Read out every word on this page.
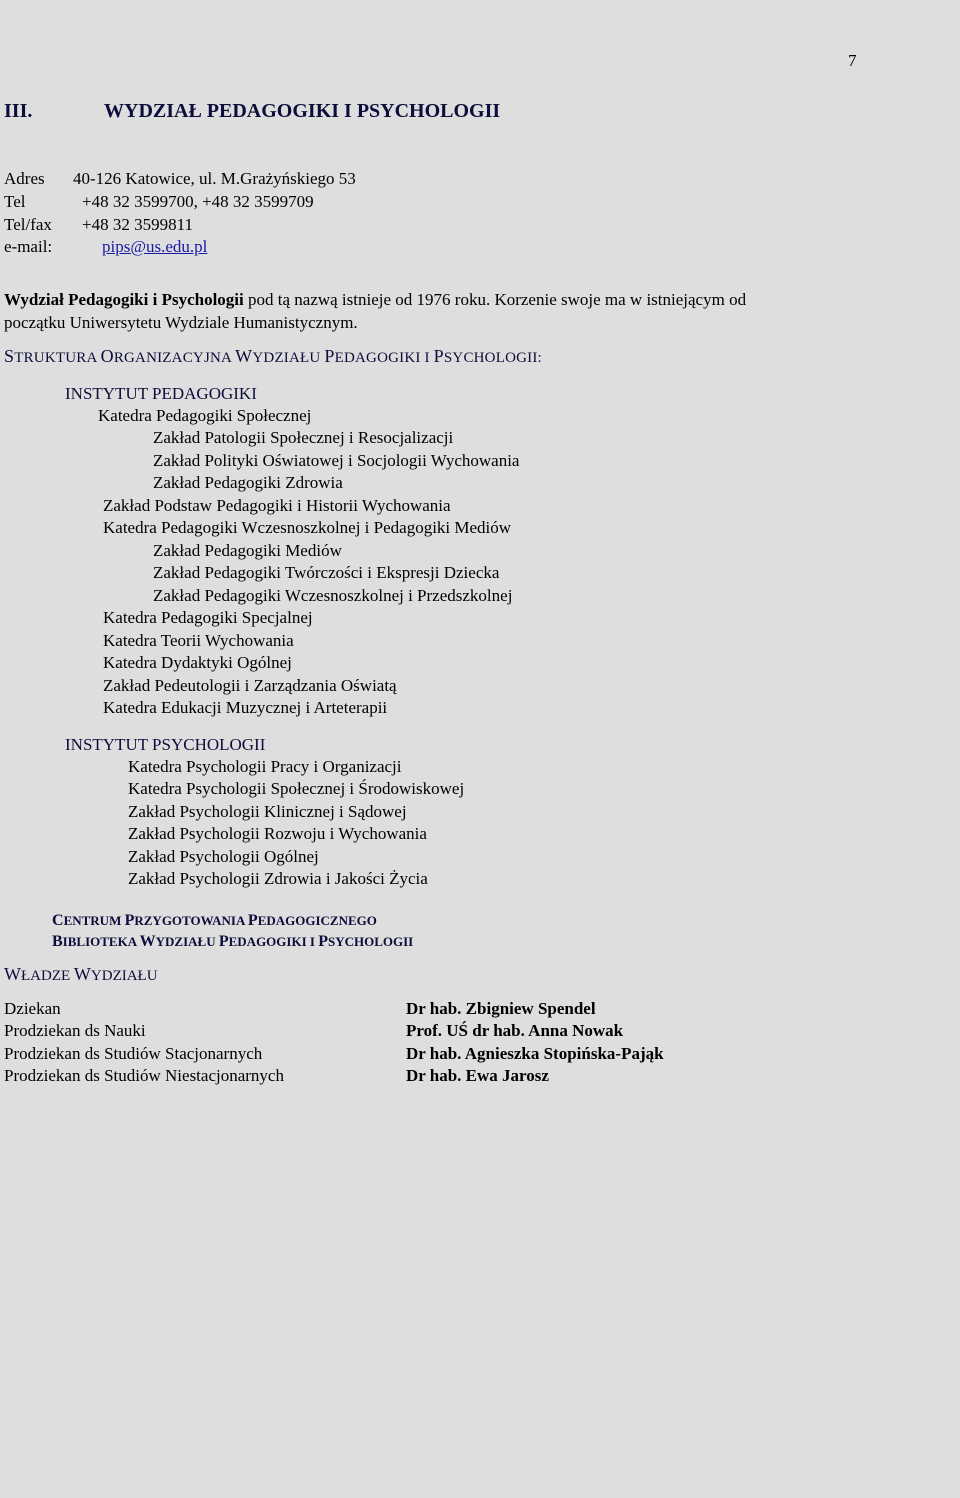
7
III.	WYDZIAŁ PEDAGOGIKI I PSYCHOLOGII
Adres 40-126 Katowice, ul. M.Grażyńskiego 53
Tel	+48 32 3599700, +48 32 3599709
Tel/fax +48 32 3599811
e-mail:	pips@us.edu.pl
Wydział Pedagogiki i Psychologii pod tą nazwą istnieje od 1976 roku. Korzenie swoje ma w istniejącym od
początku Uniwersytetu Wydziale Humanistycznym.
STRUKTURA ORGANIZACYJNA WYDZIAŁU PEDAGOGIKI I PSYCHOLOGII:
INSTYTUT PEDAGOGIKI
Katedra Pedagogiki Społecznej
Zakład Patologii Społecznej i Resocjalizacji
Zakład Polityki Oświatowej i Socjologii Wychowania
Zakład Pedagogiki Zdrowia
Zakład Podstaw Pedagogiki i Historii Wychowania
Katedra Pedagogiki Wczesnoszkolnej i Pedagogiki Mediów
Zakład Pedagogiki Mediów
Zakład Pedagogiki Twórczości i Ekspresji Dziecka
Zakład Pedagogiki Wczesnoszkolnej i Przedszkolnej
Katedra Pedagogiki Specjalnej
Katedra Teorii Wychowania
Katedra Dydaktyki Ogólnej
Zakład Pedeutologii i Zarządzania Oświatą
Katedra Edukacji Muzycznej i Arteterapii
INSTYTUT PSYCHOLOGII
Katedra Psychologii Pracy i Organizacji
Katedra Psychologii Społecznej i Środowiskowej
Zakład Psychologii Klinicznej i Sądowej
Zakład Psychologii Rozwoju i Wychowania
Zakład Psychologii Ogólnej
Zakład Psychologii Zdrowia i Jakości Życia
CENTRUM PRZYGOTOWANIA PEDAGOGICZNEGO
BIBLIOTEKA WYDZIAŁU PEDAGOGIKI I PSYCHOLOGII
WŁADZE WYDZIAŁU
Dziekan	Dr hab. Zbigniew Spendel
Prodziekan ds Nauki	Prof. UŚ dr hab. Anna Nowak
Prodziekan ds Studiów Stacjonarnych	Dr hab. Agnieszka Stopińska-Pająk
Prodziekan ds Studiów Niestacjonarnych	Dr hab. Ewa Jarosz
